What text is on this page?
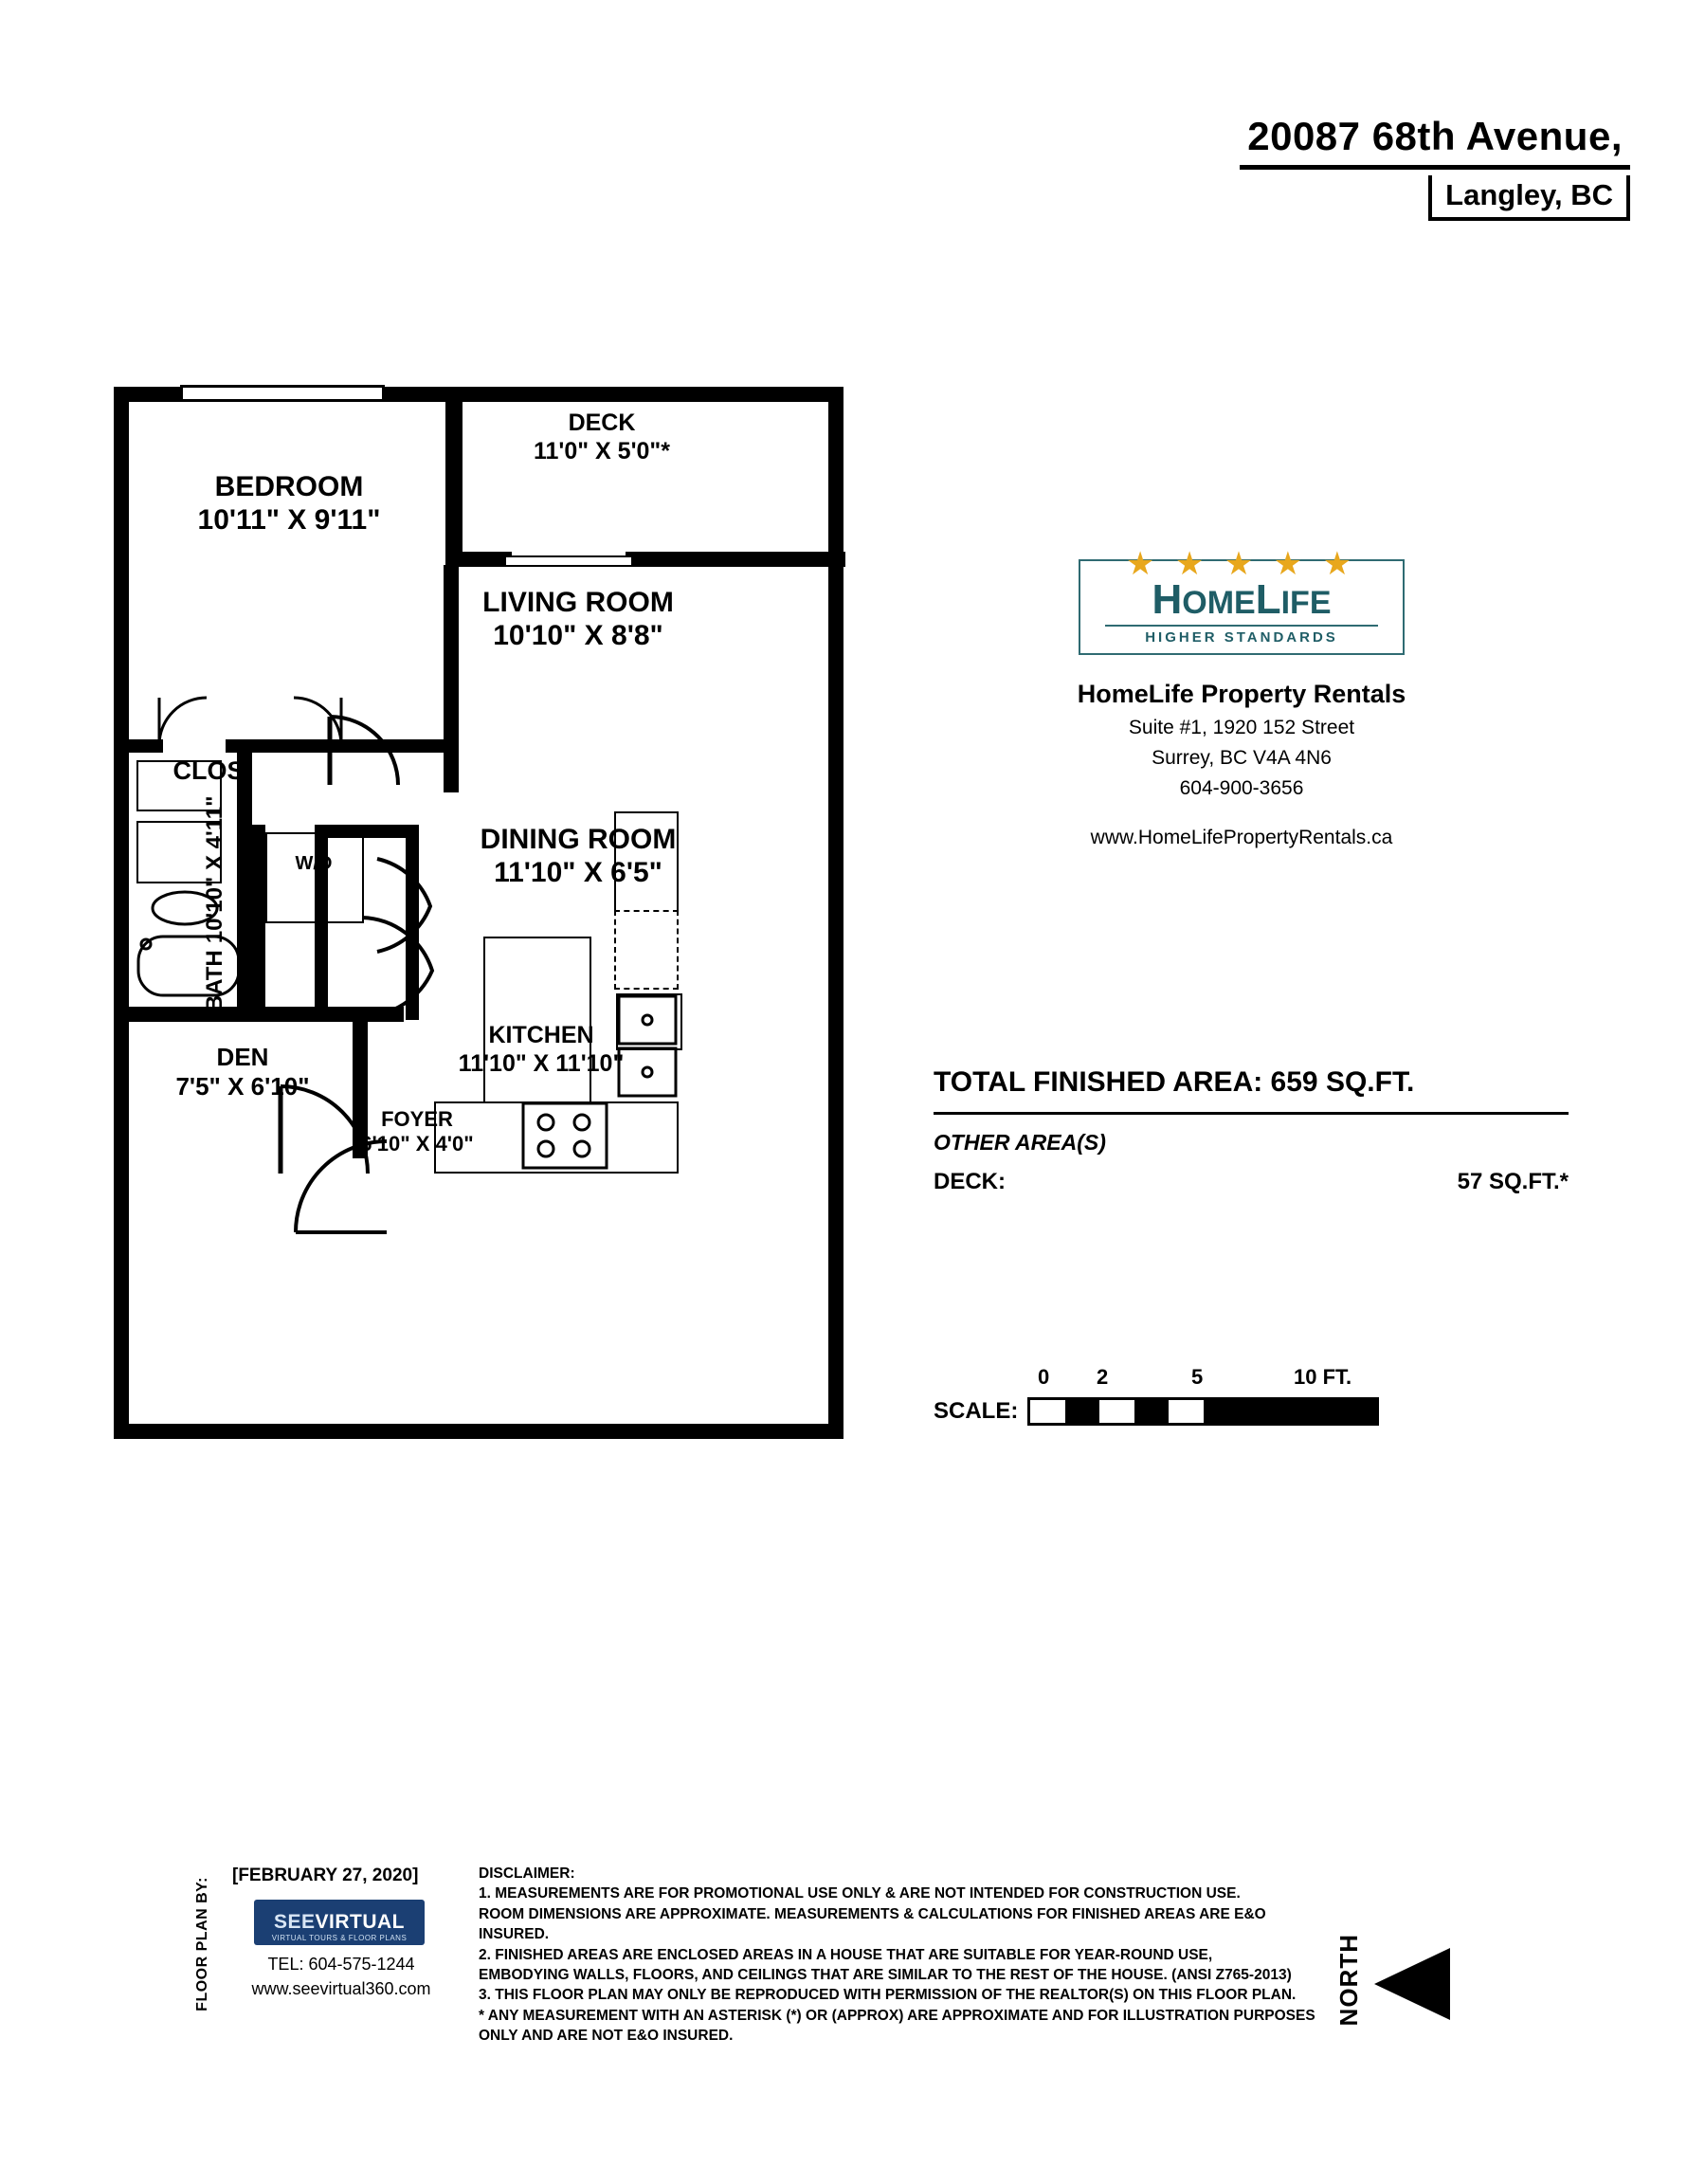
20087 68th Avenue,
Langley, BC
BEDROOM
10'11" X 9'11"
DECK
11'0" X 5'0"*
LIVING ROOM
10'10" X 8'8"
DINING ROOM
11'10" X 6'5"
KITCHEN
11'10" X 11'10"
CLOS
BATH 10'10" X 4'11"	W/D
DEN
7'5" X 6'10"
FOYER
6'10" X 4'0"
★ ★ ★ ★ ★
HOMELIFE
HIGHER STANDARDS
HomeLife Property Rentals
Suite #1, 1920 152 Street
Surrey, BC V4A 4N6
604-900-3656
www.HomeLifePropertyRentals.ca
TOTAL FINISHED AREA: 659 SQ.FT.
OTHER AREA(S)
DECK:	57 SQ.FT.*
0 2	5	10 FT.
SCALE:
FLOOR PLAN BY:
[FEBRUARY 27, 2020]
SEEVIRTUAL
VIRTUAL TOURS & FLOOR PLANS
TEL: 604-575-1244
www.seevirtual360.com
DISCLAIMER:
1. MEASUREMENTS ARE FOR PROMOTIONAL USE ONLY & ARE NOT INTENDED FOR CONSTRUCTION USE.
ROOM DIMENSIONS ARE APPROXIMATE. MEASUREMENTS & CALCULATIONS FOR FINISHED AREAS ARE E&O INSURED.
2. FINISHED AREAS ARE ENCLOSED AREAS IN A HOUSE THAT ARE SUITABLE FOR YEAR-ROUND USE,
EMBODYING WALLS, FLOORS, AND CEILINGS THAT ARE SIMILAR TO THE REST OF THE HOUSE. (ANSI Z765-2013)
3. THIS FLOOR PLAN MAY ONLY BE REPRODUCED WITH PERMISSION OF THE REALTOR(S) ON THIS FLOOR PLAN.
* ANY MEASUREMENT WITH AN ASTERISK (*) OR (APPROX) ARE APPROXIMATE AND FOR ILLUSTRATION PURPOSES
ONLY AND ARE NOT E&O INSURED.
NORTH
